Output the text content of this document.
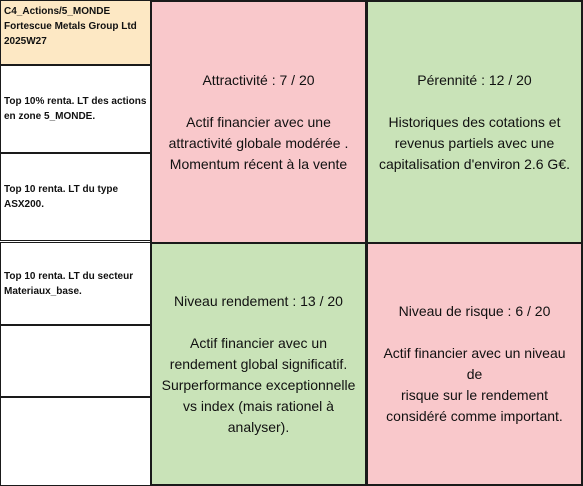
C4_Actions/5_MONDE
Fortescue Metals Group Ltd
2025W27
Top 10% renta. LT des actions en zone 5_MONDE.
Top 10 renta. LT du type ASX200.
Top 10 renta. LT du secteur Materiaux_base.
Attractivité : 7 / 20
Actif financier avec une
attractivité globale modérée .
Momentum récent à la vente
Pérennité : 12 / 20
Historiques des cotations et
revenus partiels avec une
capitalisation d'environ 2.6 G€.
Niveau rendement : 13 / 20
Actif financier avec un
rendement global significatif.
Surperformance exceptionnelle
vs index (mais rationel à
analyser).
Niveau de risque : 6 / 20
Actif financier avec un niveau de
risque sur le rendement
considéré comme important.
